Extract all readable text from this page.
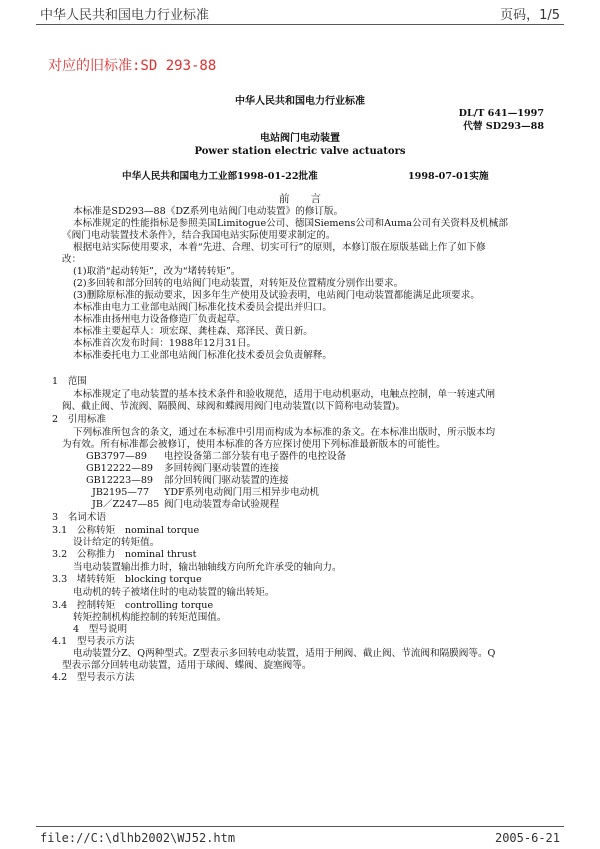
中华人民共和国电力行业标准	页码，1/5
对应的旧标准:SD 293-88
中华人民共和国电力行业标准
DL/T 641—1997
代替 SD293—88
电站阀门电动装置
Power station electric valve actuators
中华人民共和国电力工业部1998-01-22批准	1998-07-01实施
前　　言
本标准是SD293—88《DZ系列电站阀门电动装置》的修订版。
本标准规定的性能指标是参照美国Limitogue公司、德国Siemens公司和Auma公司有关资料及机械部
《阀门电动装置技术条件》，结合我国电站实际使用要求制定的。
根据电站实际使用要求，本着“先进、合理、切实可行”的原则，本修订版在原版基础上作了如下修
改：
(1)取消“起动转矩”，改为“堵转转矩”。
(2)多回转和部分回转的电站阀门电动装置，对转矩及位置精度分别作出要求。
(3)删除原标准的振动要求，因多年生产使用及试验表明，电站阀门电动装置都能满足此项要求。
本标准由电力工业部电站阀门标准化技术委员会提出并归口。
本标准由扬州电力设备修造厂负责起草。
本标准主要起草人：项宏琛、龚桂森、郑泽民、黄日新。
本标准首次发布时间：1988年12月31日。
本标准委托电力工业部电站阀门标准化技术委员会负责解释。
1　范围
本标准规定了电动装置的基本技术条件和验收规范，适用于电动机驱动，电触点控制，单一转速式闸
阀、截止阀、节流阀、隔膜阀、球阀和蝶阀用阀门电动装置(以下简称电动装置)。
2　引用标准
下列标准所包含的条文，通过在本标准中引用而构成为本标准的条文。在本标准出版时，所示版本均
为有效。所有标准都会被修订，使用本标准的各方应探讨使用下列标准最新版本的可能性。
GB3797—89 电控设备第二部分装有电子器件的电控设备
GB12222—89 多回转阀门驱动装置的连接
GB12223—89 部分回转阀门驱动装置的连接
JB2195—77 YDF系列电动阀门用三相异步电动机
JB／Z247—85 阀门电动装置寿命试验规程
3　名词术语
3.1　公称转矩　nominal torque
设计给定的转矩值。
3.2　公称推力　nominal thrust
当电动装置输出推力时，输出轴轴线方向所允许承受的轴向力。
3.3　堵转转矩　blocking torque
电动机的转子被堵住时的电动装置的输出转矩。
3.4　控制转矩　controlling torque
转矩控制机构能控制的转矩范围值。
4　型号说明
4.1　型号表示方法
电动装置分Z、Q两种型式。Z型表示多回转电动装置，适用于闸阀、截止阀、节流阀和隔膜阀等。Q
型表示部分回转电动装置，适用于球阀、蝶阀、旋塞阀等。
4.2　型号表示方法
file://C:\dlhb2002\WJ52.htm	2005-6-21
